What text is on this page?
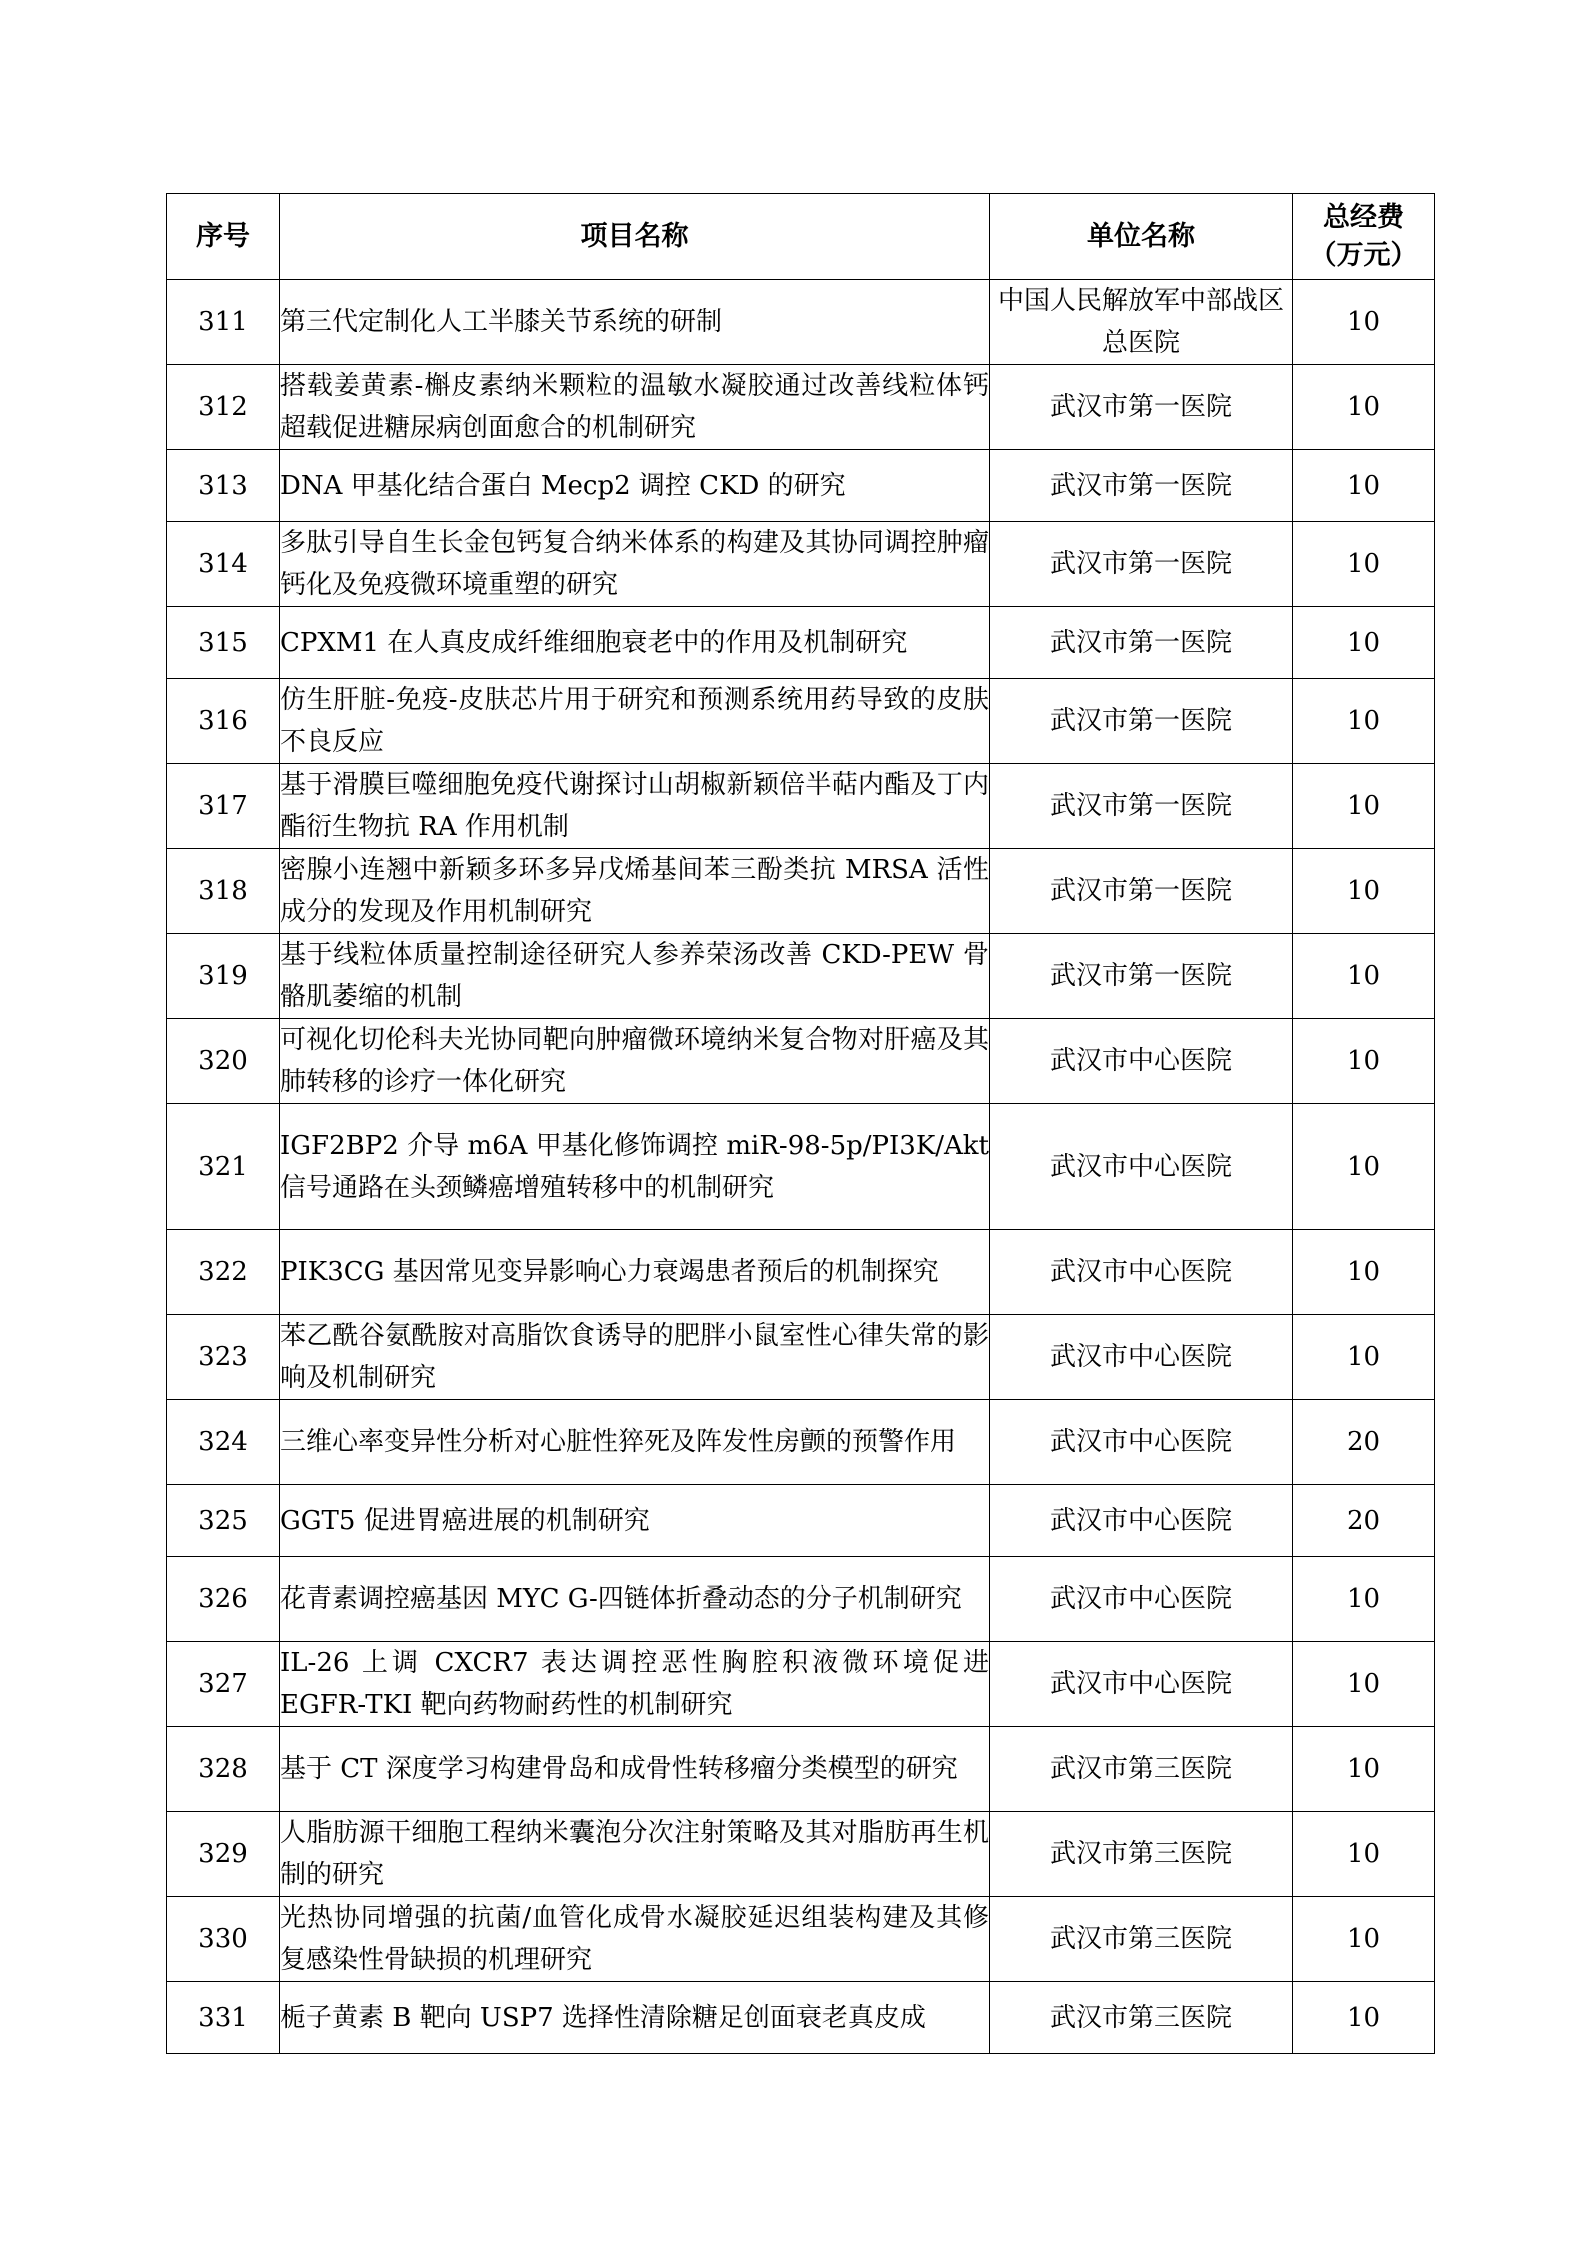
序号	项目名称	单位名称	总经费
（万元）
311	第三代定制化人工半膝关节系统的研制	中国人民解放军中部战区总医院	10
312	搭载姜黄素-槲皮素纳米颗粒的温敏水凝胶通过改善线粒体钙超载促进糖尿病创面愈合的机制研究	武汉市第一医院	10
313	DNA 甲基化结合蛋白 Mecp2 调控 CKD 的研究	武汉市第一医院	10
314	多肽引导自生长金包钙复合纳米体系的构建及其协同调控肿瘤钙化及免疫微环境重塑的研究	武汉市第一医院	10
315	CPXM1 在人真皮成纤维细胞衰老中的作用及机制研究	武汉市第一医院	10
316	仿生肝脏-免疫-皮肤芯片用于研究和预测系统用药导致的皮肤不良反应	武汉市第一医院	10
317	基于滑膜巨噬细胞免疫代谢探讨山胡椒新颖倍半萜内酯及丁内酯衍生物抗 RA 作用机制	武汉市第一医院	10
318	密腺小连翘中新颖多环多异戊烯基间苯三酚类抗 MRSA 活性成分的发现及作用机制研究	武汉市第一医院	10
319	基于线粒体质量控制途径研究人参养荣汤改善 CKD-PEW 骨骼肌萎缩的机制	武汉市第一医院	10
320	可视化切伦科夫光协同靶向肿瘤微环境纳米复合物对肝癌及其肺转移的诊疗一体化研究	武汉市中心医院	10
321	IGF2BP2 介导 m6A 甲基化修饰调控 miR-98-5p/PI3K/Akt 信号通路在头颈鳞癌增殖转移中的机制研究	武汉市中心医院	10
322	PIK3CG 基因常见变异影响心力衰竭患者预后的机制探究	武汉市中心医院	10
323	苯乙酰谷氨酰胺对高脂饮食诱导的肥胖小鼠室性心律失常的影响及机制研究	武汉市中心医院	10
324	三维心率变异性分析对心脏性猝死及阵发性房颤的预警作用	武汉市中心医院	20
325	GGT5 促进胃癌进展的机制研究	武汉市中心医院	20
326	花青素调控癌基因 MYC G-四链体折叠动态的分子机制研究	武汉市中心医院	10
327	IL-26 上调 CXCR7 表达调控恶性胸腔积液微环境促进 EGFR-TKI 靶向药物耐药性的机制研究	武汉市中心医院	10
328	基于 CT 深度学习构建骨岛和成骨性转移瘤分类模型的研究	武汉市第三医院	10
329	人脂肪源干细胞工程纳米囊泡分次注射策略及其对脂肪再生机制的研究	武汉市第三医院	10
330	光热协同增强的抗菌/血管化成骨水凝胶延迟组装构建及其修复感染性骨缺损的机理研究	武汉市第三医院	10
331	栀子黄素 B 靶向 USP7 选择性清除糖足创面衰老真皮成	武汉市第三医院	10
